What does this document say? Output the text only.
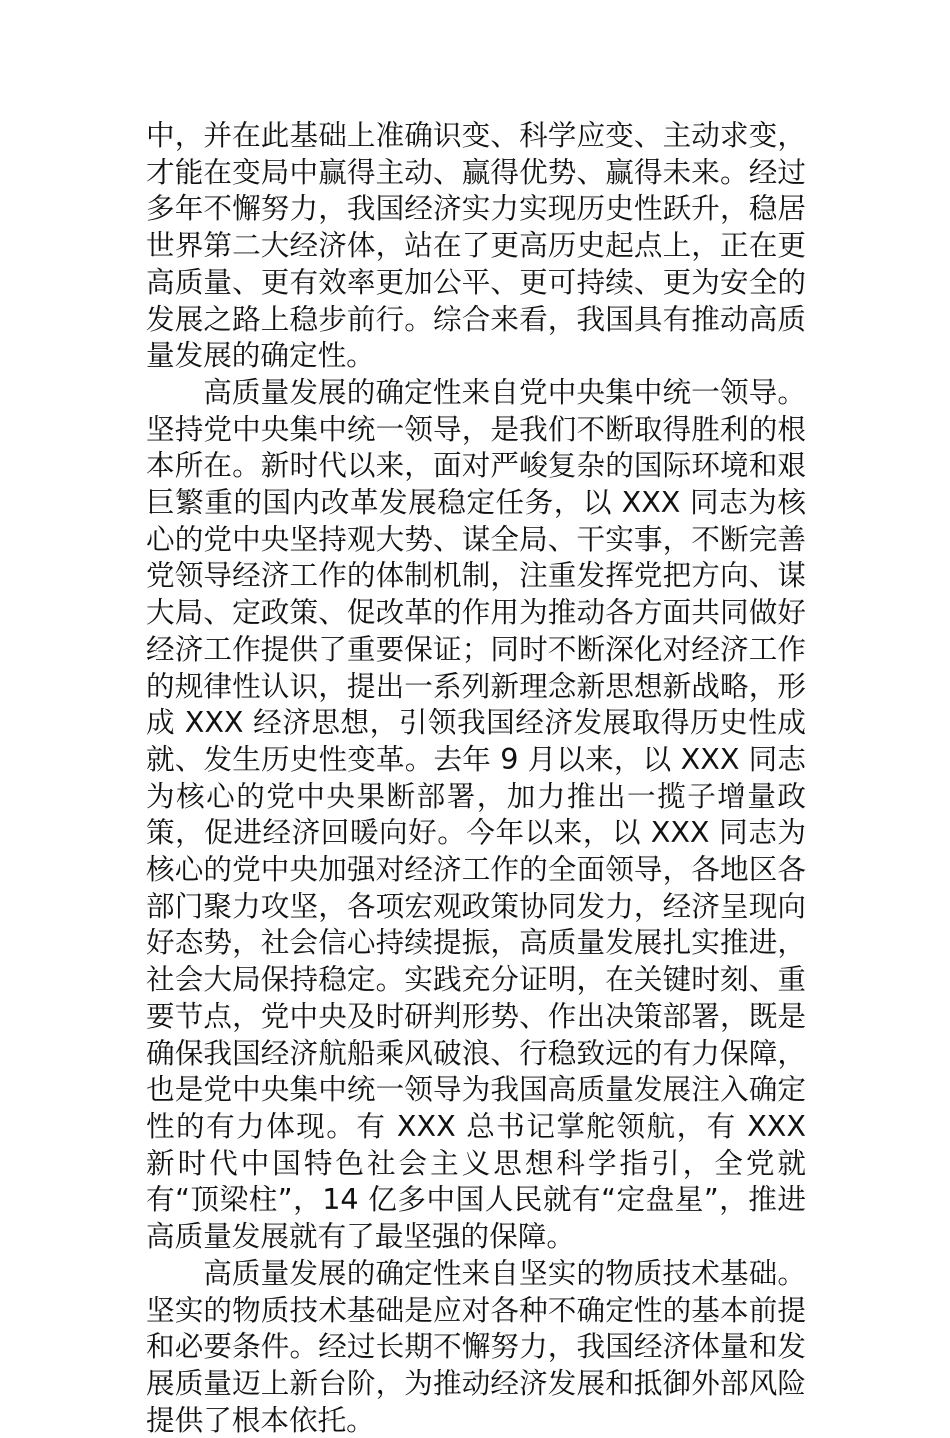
中，并在此基础上准确识变、科学应变、主动求变，才能在变局中赢得主动、赢得优势、赢得未来。经过多年不懈努力，我国经济实力实现历史性跃升，稳居世界第二大经济体，站在了更高历史起点上，正在更高质量、更有效率更加公平、更可持续、更为安全的发展之路上稳步前行。综合来看，我国具有推动高质量发展的确定性。

高质量发展的确定性来自党中央集中统一领导。坚持党中央集中统一领导，是我们不断取得胜利的根本所在。新时代以来，面对严峻复杂的国际环境和艰巨繁重的国内改革发展稳定任务，以 XXX 同志为核心的党中央坚持观大势、谋全局、干实事，不断完善党领导经济工作的体制机制，注重发挥党把方向、谋大局、定政策、促改革的作用为推动各方面共同做好经济工作提供了重要保证；同时不断深化对经济工作的规律性认识，提出一系列新理念新思想新战略，形成 XXX 经济思想，引领我国经济发展取得历史性成就、发生历史性变革。去年 9 月以来，以 XXX 同志为核心的党中央果断部署，加力推出一揽子增量政策，促进经济回暖向好。今年以来，以 XXX 同志为核心的党中央加强对经济工作的全面领导，各地区各部门聚力攻坚，各项宏观政策协同发力，经济呈现向好态势，社会信心持续提振，高质量发展扎实推进，社会大局保持稳定。实践充分证明，在关键时刻、重要节点，党中央及时研判形势、作出决策部署，既是确保我国经济航船乘风破浪、行稳致远的有力保障，也是党中央集中统一领导为我国高质量发展注入确定性的有力体现。有 XXX 总书记掌舵领航，有 XXX 新时代中国特色社会主义思想科学指引，全党就有“顶梁柱”，14 亿多中国人民就有“定盘星”，推进高质量发展就有了最坚强的保障。

高质量发展的确定性来自坚实的物质技术基础。坚实的物质技术基础是应对各种不确定性的基本前提和必要条件。经过长期不懈努力，我国经济体量和发展质量迈上新台阶，为推动经济发展和抵御外部风险提供了根本依托。
